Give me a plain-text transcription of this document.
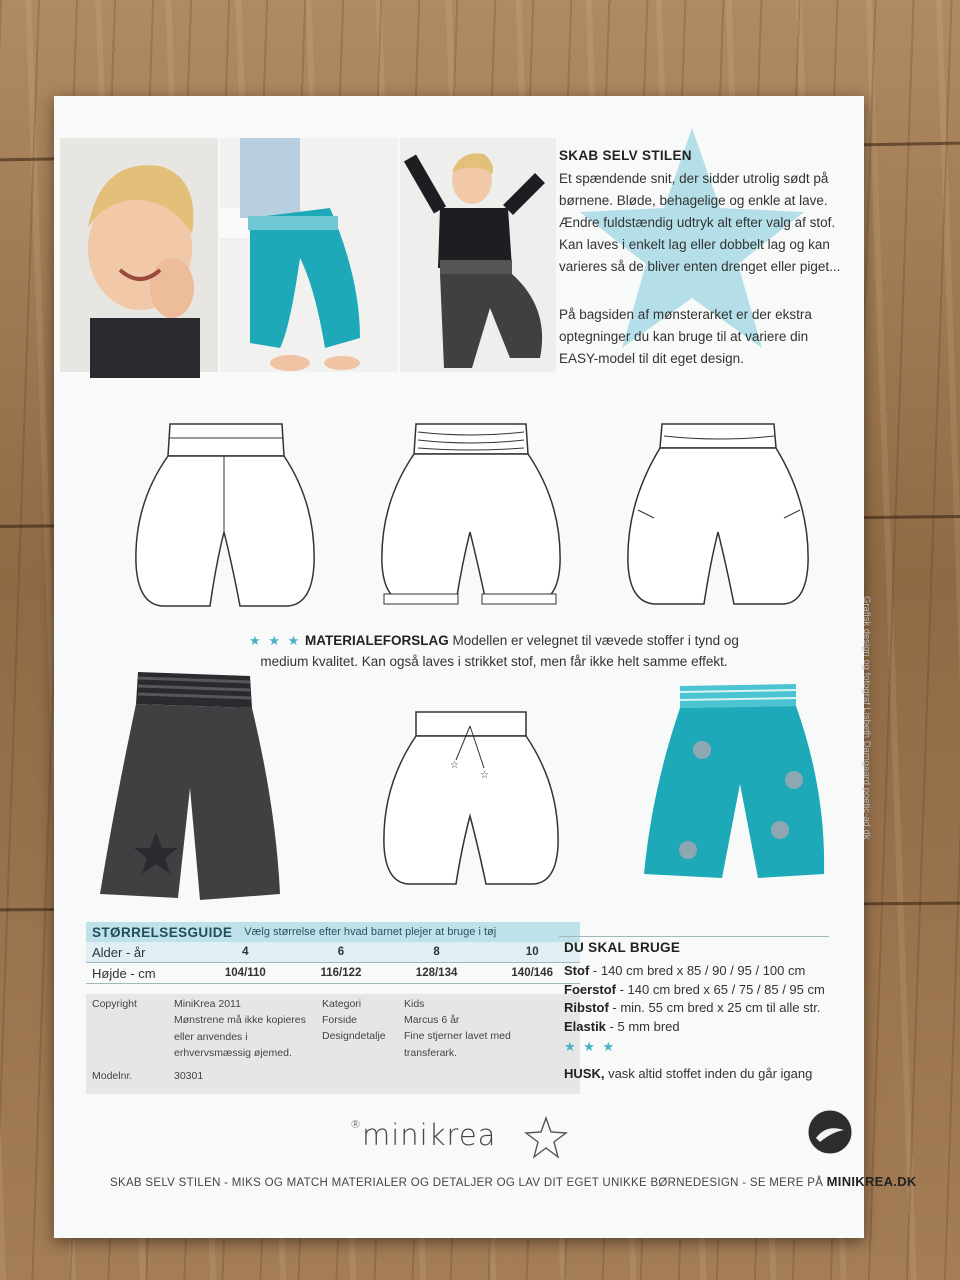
SKAB SELV STILEN
Et spændende snit, der sidder utrolig sødt på børnene. Bløde, behagelige og enkle at lave. Ændre fuldstændig udtryk alt efter valg af stof. Kan laves i enkelt lag eller dobbelt lag og kan varieres så de bliver enten drenget eller piget...
På bagsiden af mønsterarket er der ekstra optegninger du kan bruge til at variere din EASY-model til dit eget design.
★ ★ ★ MATERIALEFORSLAG Modellen er velegnet til vævede stoffer i tynd og medium kvalitet. Kan også laves i strikket stof, men får ikke helt samme effekt.	Grafisk design og fotograf Lisbeth Damgaard poetic-ad.dk
☆
☆
STØRRELSESGUIDE Vælg størrelse efter hvad barnet plejer at bruge i tøj
Alder - år	4	6	8	10
Højde - cm	104/110	116/122	128/134	140/146
Copyright	MiniKrea 2011
Mønstrene må ikke kopieres eller anvendes i erhvervsmæssig øjemed.
Modelnr.	30301
Kategori	Kids
Forside	Marcus 6 år
Designdetalje Fine stjerner lavet med transferark.
DU SKAL BRUGE
Stof - 140 cm bred x 85 / 90 / 95 / 100 cm
Foerstof - 140 cm bred x 65 / 75 / 85 / 95 cm
Ribstof - min. 55 cm bred x 25 cm til alle str.
Elastik - 5 mm bred
★ ★ ★
HUSK, vask altid stoffet inden du går igang
®minikrea
SKAB SELV STILEN - MIKS OG MATCH MATERIALER OG DETALJER OG LAV DIT EGET UNIKKE BØRNEDESIGN - SE MERE PÅ MINIKREA.DK
